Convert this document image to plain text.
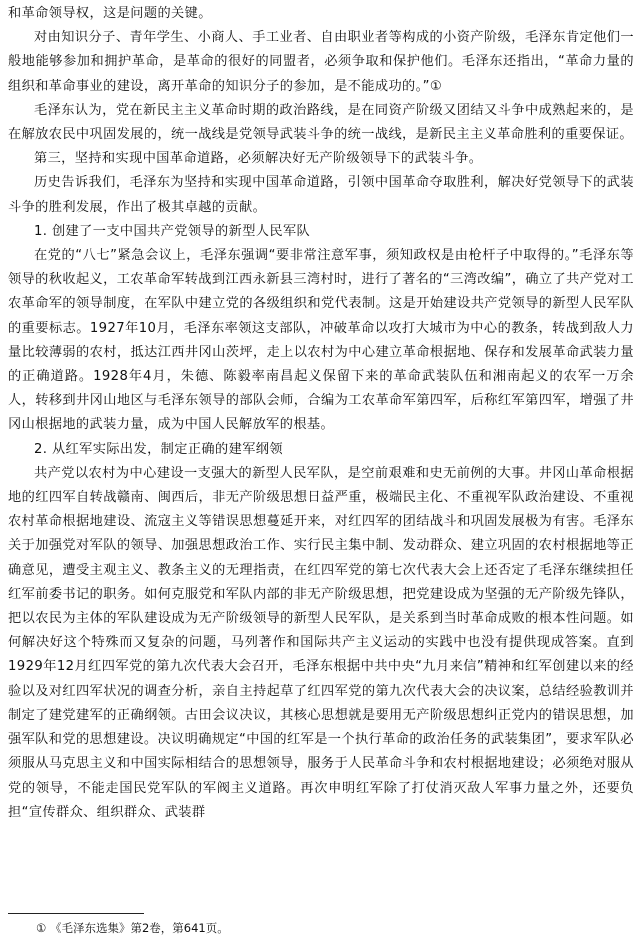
和革命领导权，这是问题的关键。

对由知识分子、青年学生、小商人、手工业者、自由职业者等构成的小资产阶级，毛泽东肯定他们一般地能够参加和拥护革命，是革命的很好的同盟者，必须争取和保护他们。毛泽东还指出，“革命力量的组织和革命事业的建设，离开革命的知识分子的参加，是不能成功的。”①

毛泽东认为，党在新民主主义革命时期的政治路线，是在同资产阶级又团结又斗争中成熟起来的，是在解放农民中巩固发展的，统一战线是党领导武装斗争的统一战线，是新民主主义革命胜利的重要保证。

第三，坚持和实现中国革命道路，必须解决好无产阶级领导下的武装斗争。

历史告诉我们，毛泽东为坚持和实现中国革命道路，引领中国革命夺取胜利，解决好党领导下的武装斗争的胜利发展，作出了极其卓越的贡献。

1. 创建了一支中国共产党领导的新型人民军队

在党的“八七”紧急会议上，毛泽东强调“要非常注意军事，须知政权是由枪杆子中取得的。”毛泽东等领导的秋收起义，工农革命军转战到江西永新县三湾村时，进行了著名的“三湾改编”，确立了共产党对工农革命军的领导制度，在军队中建立党的各级组织和党代表制。这是开始建设共产党领导的新型人民军队的重要标志。1927年10月，毛泽东率领这支部队，冲破革命以攻打大城市为中心的教条，转战到敌人力量比较薄弱的农村，抵达江西井冈山茨坪，走上以农村为中心建立革命根据地、保存和发展革命武装力量的正确道路。1928年4月，朱德、陈毅率南昌起义保留下来的革命武装队伍和湘南起义的农军一万余人，转移到井冈山地区与毛泽东领导的部队会师，合编为工农革命军第四军，后称红军第四军，增强了井冈山根据地的武装力量，成为中国人民解放军的根基。

2. 从红军实际出发，制定正确的建军纲领

共产党以农村为中心建设一支强大的新型人民军队，是空前艰难和史无前例的大事。井冈山革命根据地的红四军自转战赣南、闽西后，非无产阶级思想日益严重，极端民主化、不重视军队政治建设、不重视农村革命根据地建设、流寇主义等错误思想蔓延开来，对红四军的团结战斗和巩固发展极为有害。毛泽东关于加强党对军队的领导、加强思想政治工作、实行民主集中制、发动群众、建立巩固的农村根据地等正确意见，遭受主观主义、教条主义的无理指责，在红四军党的第七次代表大会上还否定了毛泽东继续担任红军前委书记的职务。如何克服党和军队内部的非无产阶级思想，把党建设成为坚强的无产阶级先锋队，把以农民为主体的军队建设成为无产阶级领导的新型人民军队，是关系到当时革命成败的根本性问题。如何解决好这个特殊而又复杂的问题，马列著作和国际共产主义运动的实践中也没有提供现成答案。直到1929年12月红四军党的第九次代表大会召开，毛泽东根据中共中央“九月来信”精神和红军创建以来的经验以及对红四军状况的调查分析，亲自主持起草了红四军党的第九次代表大会的决议案，总结经验教训并制定了建党建军的正确纲领。古田会议决议，其核心思想就是要用无产阶级思想纠正党内的错误思想，加强军队和党的思想建设。决议明确规定“中国的红军是一个执行革命的政治任务的武装集团”，要求军队必须服从马克思主义和中国实际相结合的思想领导，服务于人民革命斗争和农村根据地建设；必须绝对服从党的领导，不能走国民党军队的军阀主义道路。再次申明红军除了打仗消灭敌人军事力量之外，还要负担“宣传群众、组织群众、武装群

① 《毛泽东选集》第2卷，第641页。
